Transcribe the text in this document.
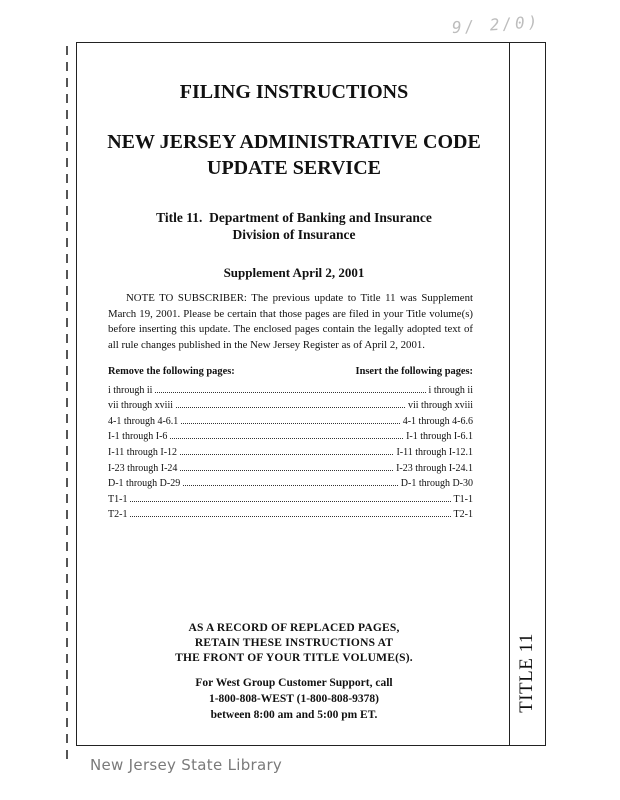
9/ 2/0)
FILING INSTRUCTIONS
NEW JERSEY ADMINISTRATIVE CODE
UPDATE SERVICE
Title 11.  Department of Banking and Insurance
Division of Insurance
Supplement April 2, 2001
NOTE TO SUBSCRIBER: The previous update to Title 11 was Supplement March 19, 2001. Please be certain that those pages are filed in your Title volume(s) before inserting this update. The enclosed pages contain the legally adopted text of all rule changes published in the New Jersey Register as of April 2, 2001.
Remove the following pages:	Insert the following pages:
i through ii	i through ii
vii through xviii	vii through xviii
4-1 through 4-6.1	4-1 through 4-6.6
I-1 through I-6	I-1 through I-6.1
I-11 through I-12	I-11 through I-12.1
I-23 through I-24	I-23 through I-24.1
D-1 through D-29	D-1 through D-30
T1-1	T1-1
T2-1	T2-1
AS A RECORD OF REPLACED PAGES,
RETAIN THESE INSTRUCTIONS AT
THE FRONT OF YOUR TITLE VOLUME(S).
For West Group Customer Support, call
1-800-808-WEST (1-800-808-9378)
between 8:00 am and 5:00 pm ET.
TITLE 11
New Jersey State Library
